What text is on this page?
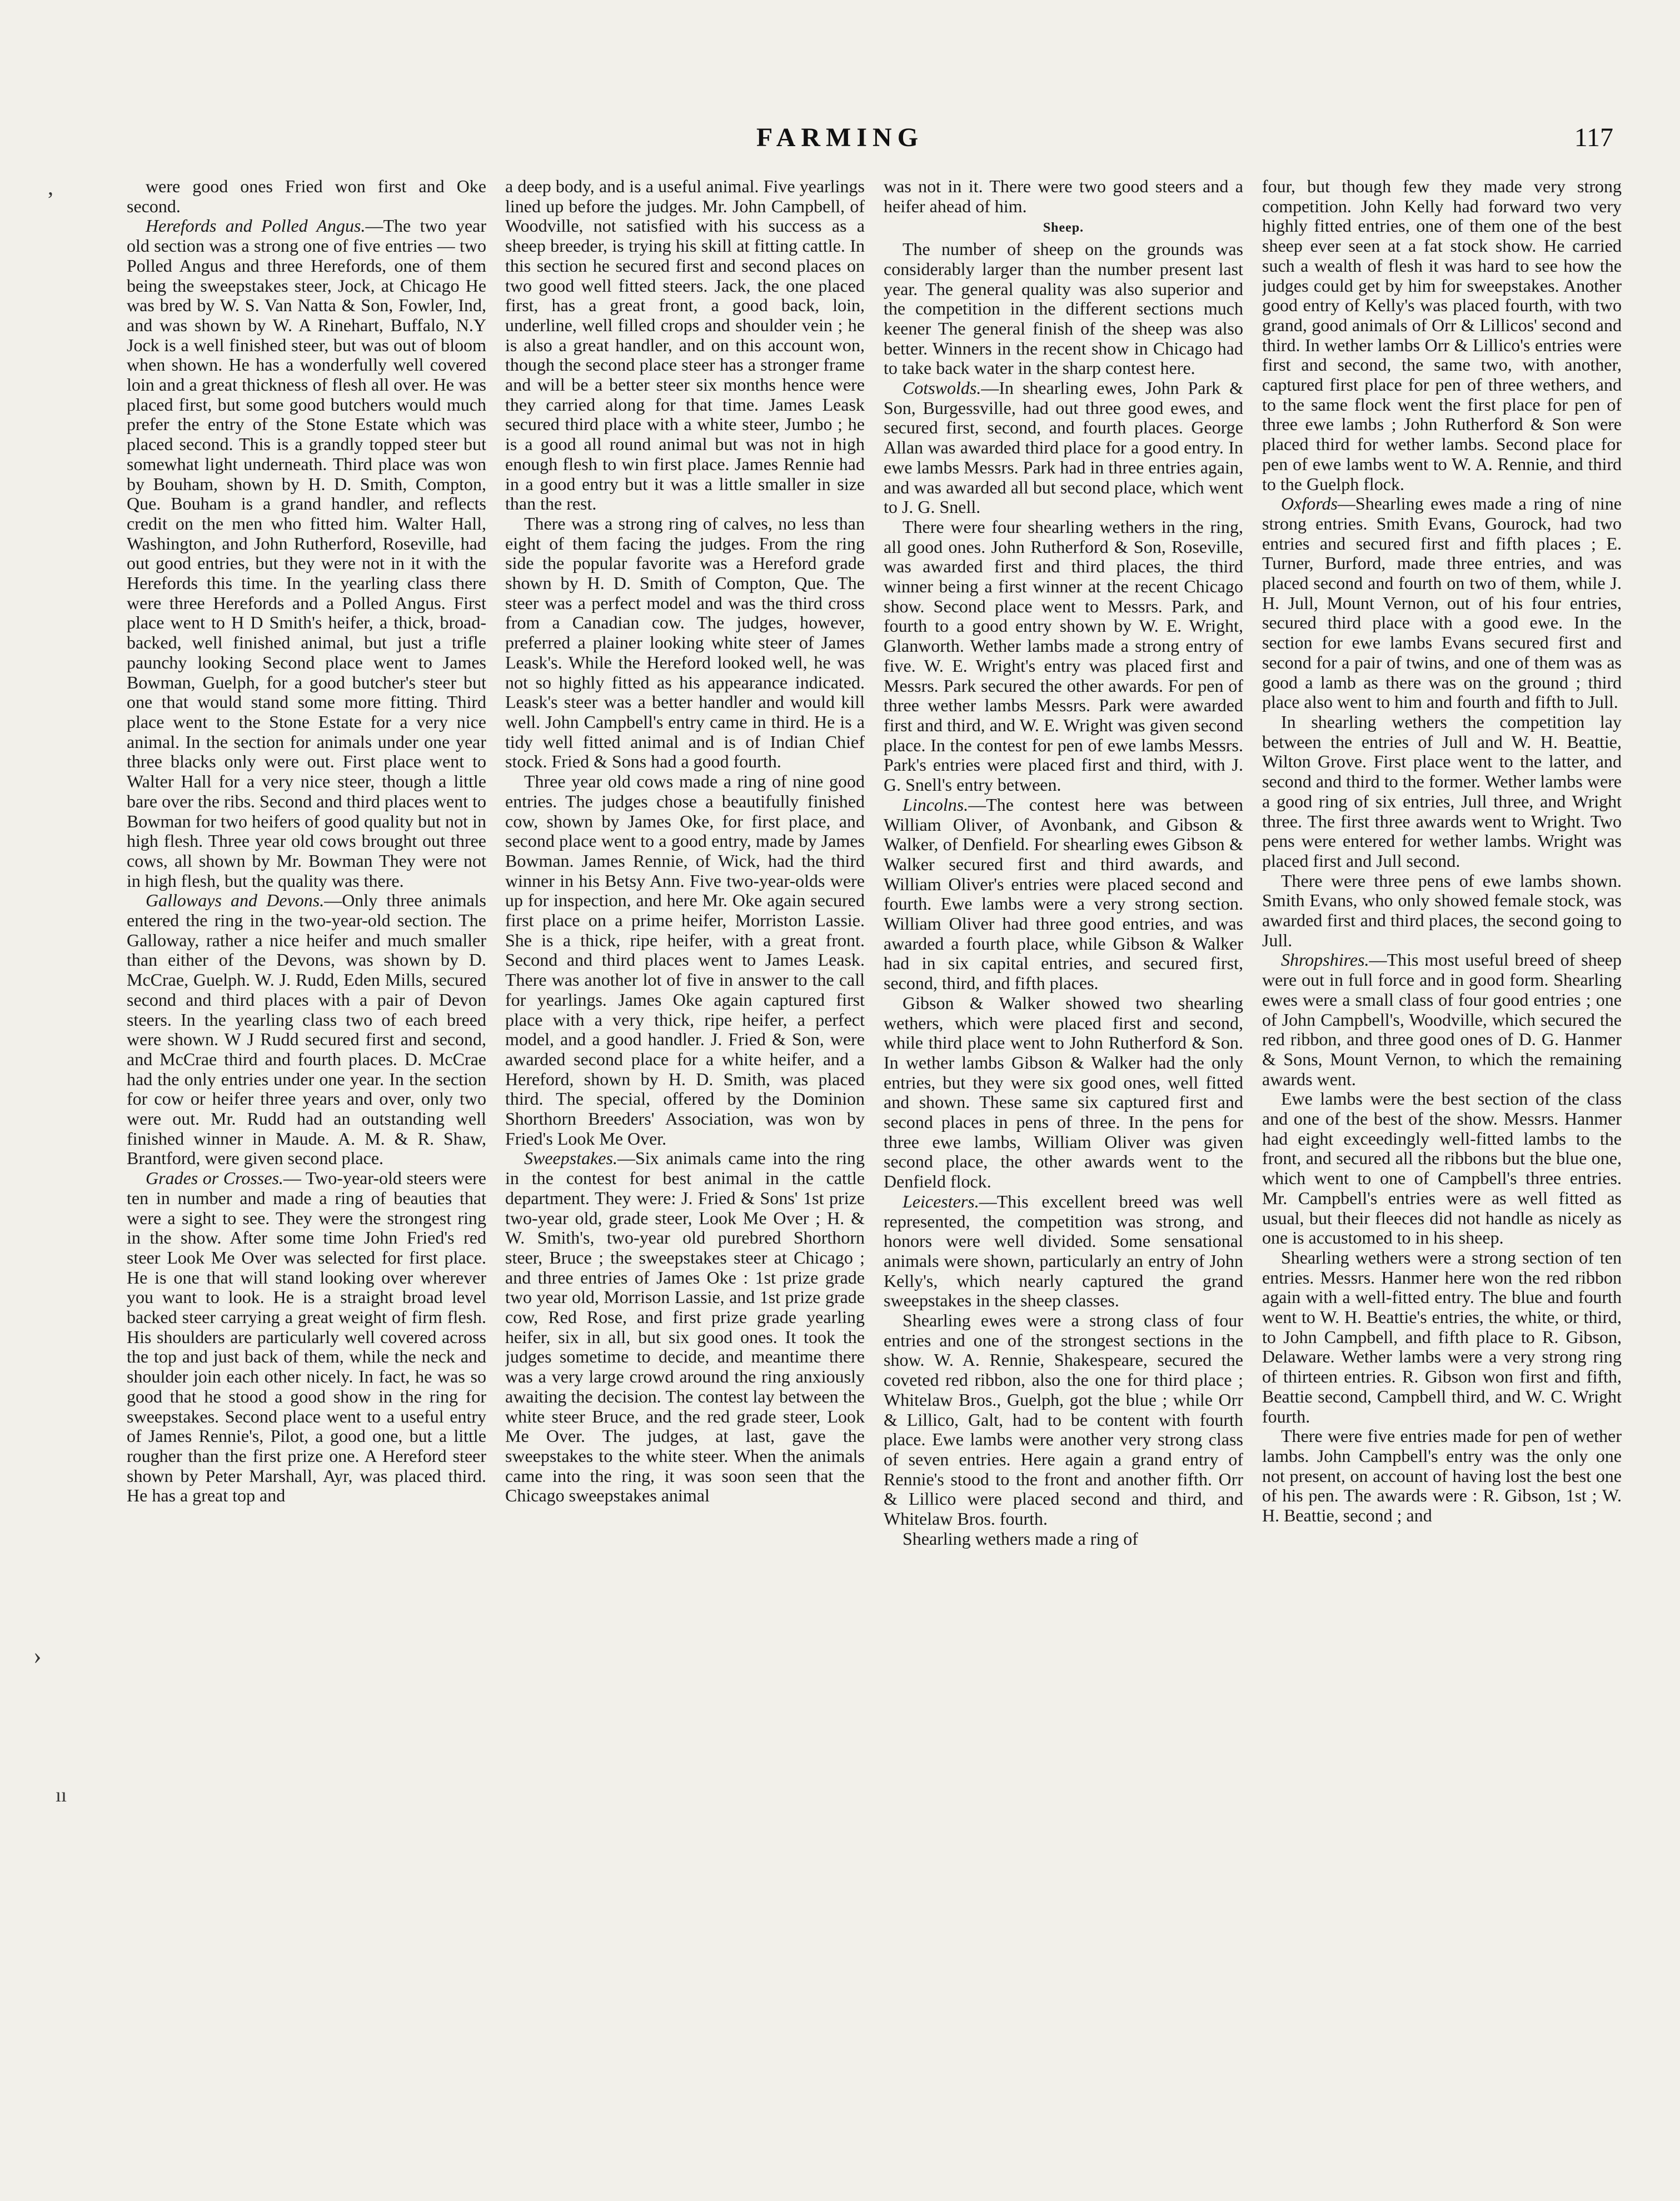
FARMING	117
ʼ
›
ıı

were good ones Fried won first and Oke second.

Herefords and Polled Angus.—The two year old section was a strong one of five entries — two Polled Angus and three Herefords, one of them being the sweepstakes steer, Jock, at Chicago He was bred by W. S. Van Natta & Son, Fowler, Ind, and was shown by W. A Rinehart, Buffalo, N.Y Jock is a well finished steer, but was out of bloom when shown. He has a wonderfully well covered loin and a great thickness of flesh all over. He was placed first, but some good butchers would much prefer the entry of the Stone Estate which was placed second. This is a grandly topped steer but somewhat light underneath. Third place was won by Bouham, shown by H. D. Smith, Compton, Que. Bouham is a grand handler, and reflects credit on the men who fitted him. Walter Hall, Washington, and John Rutherford, Roseville, had out good entries, but they were not in it with the Herefords this time. In the yearling class there were three Herefords and a Polled Angus. First place went to H D Smith's heifer, a thick, broad-backed, well finished animal, but just a trifle paunchy looking Second place went to James Bowman, Guelph, for a good butcher's steer but one that would stand some more fitting. Third place went to the Stone Estate for a very nice animal. In the section for animals under one year three blacks only were out. First place went to Walter Hall for a very nice steer, though a little bare over the ribs. Second and third places went to Bowman for two heifers of good quality but not in high flesh. Three year old cows brought out three cows, all shown by Mr. Bowman They were not in high flesh, but the quality was there.

Galloways and Devons.—Only three animals entered the ring in the two-year-old section. The Galloway, rather a nice heifer and much smaller than either of the Devons, was shown by D. McCrae, Guelph. W. J. Rudd, Eden Mills, secured second and third places with a pair of Devon steers. In the yearling class two of each breed were shown. W J Rudd secured first and second, and McCrae third and fourth places. D. McCrae had the only entries under one year. In the section for cow or heifer three years and over, only two were out. Mr. Rudd had an outstanding well finished winner in Maude. A. M. & R. Shaw, Brantford, were given second place.

Grades or Crosses.— Two-year-old steers were ten in number and made a ring of beauties that were a sight to see. They were the strongest ring in the show. After some time John Fried's red steer Look Me Over was selected for first place. He is one that will stand looking over wherever you want to look. He is a straight broad level backed steer carrying a great weight of firm flesh. His shoulders are particularly well covered across the top and just back of them, while the neck and shoulder join each other nicely. In fact, he was so good that he stood a good show in the ring for sweepstakes. Second place went to a useful entry of James Rennie's, Pilot, a good one, but a little rougher than the first prize one. A Hereford steer shown by Peter Marshall, Ayr, was placed third. He has a great top and

a deep body, and is a useful animal. Five yearlings lined up before the judges. Mr. John Campbell, of Woodville, not satisfied with his success as a sheep breeder, is trying his skill at fitting cattle. In this section he secured first and second places on two good well fitted steers. Jack, the one placed first, has a great front, a good back, loin, underline, well filled crops and shoulder vein ; he is also a great handler, and on this account won, though the second place steer has a stronger frame and will be a better steer six months hence were they carried along for that time. James Leask secured third place with a white steer, Jumbo ; he is a good all round animal but was not in high enough flesh to win first place. James Rennie had in a good entry but it was a little smaller in size than the rest.

There was a strong ring of calves, no less than eight of them facing the judges. From the ring side the popular favorite was a Hereford grade shown by H. D. Smith of Compton, Que. The steer was a perfect model and was the third cross from a Canadian cow. The judges, however, preferred a plainer looking white steer of James Leask's. While the Hereford looked well, he was not so highly fitted as his appearance indicated. Leask's steer was a better handler and would kill well. John Campbell's entry came in third. He is a tidy well fitted animal and is of Indian Chief stock. Fried & Sons had a good fourth.

Three year old cows made a ring of nine good entries. The judges chose a beautifully finished cow, shown by James Oke, for first place, and second place went to a good entry, made by James Bowman. James Rennie, of Wick, had the third winner in his Betsy Ann. Five two-year-olds were up for inspection, and here Mr. Oke again secured first place on a prime heifer, Morriston Lassie. She is a thick, ripe heifer, with a great front. Second and third places went to James Leask. There was another lot of five in answer to the call for yearlings. James Oke again captured first place with a very thick, ripe heifer, a perfect model, and a good handler. J. Fried & Son, were awarded second place for a white heifer, and a Hereford, shown by H. D. Smith, was placed third. The special, offered by the Dominion Shorthorn Breeders' Association, was won by Fried's Look Me Over.

Sweepstakes.—Six animals came into the ring in the contest for best animal in the cattle department. They were: J. Fried & Sons' 1st prize two-year old, grade steer, Look Me Over ; H. & W. Smith's, two-year old purebred Shorthorn steer, Bruce ; the sweepstakes steer at Chicago ; and three entries of James Oke : 1st prize grade two year old, Morrison Lassie, and 1st prize grade cow, Red Rose, and first prize grade yearling heifer, six in all, but six good ones. It took the judges sometime to decide, and meantime there was a very large crowd around the ring anxiously awaiting the decision. The contest lay between the white steer Bruce, and the red grade steer, Look Me Over. The judges, at last, gave the sweepstakes to the white steer. When the animals came into the ring, it was soon seen that the Chicago sweepstakes animal

was not in it. There were two good steers and a heifer ahead of him.

Sheep.

The number of sheep on the grounds was considerably larger than the number present last year. The general quality was also superior and the competition in the different sections much keener The general finish of the sheep was also better. Winners in the recent show in Chicago had to take back water in the sharp contest here.

Cotswolds.—In shearling ewes, John Park & Son, Burgessville, had out three good ewes, and secured first, second, and fourth places. George Allan was awarded third place for a good entry. In ewe lambs Messrs. Park had in three entries again, and was awarded all but second place, which went to J. G. Snell.

There were four shearling wethers in the ring, all good ones. John Rutherford & Son, Roseville, was awarded first and third places, the third winner being a first winner at the recent Chicago show. Second place went to Messrs. Park, and fourth to a good entry shown by W. E. Wright, Glanworth. Wether lambs made a strong entry of five. W. E. Wright's entry was placed first and Messrs. Park secured the other awards. For pen of three wether lambs Messrs. Park were awarded first and third, and W. E. Wright was given second place. In the contest for pen of ewe lambs Messrs. Park's entries were placed first and third, with J. G. Snell's entry between.

Lincolns.—The contest here was between William Oliver, of Avonbank, and Gibson & Walker, of Denfield. For shearling ewes Gibson & Walker secured first and third awards, and William Oliver's entries were placed second and fourth. Ewe lambs were a very strong section. William Oliver had three good entries, and was awarded a fourth place, while Gibson & Walker had in six capital entries, and secured first, second, third, and fifth places.

Gibson & Walker showed two shearling wethers, which were placed first and second, while third place went to John Rutherford & Son. In wether lambs Gibson & Walker had the only entries, but they were six good ones, well fitted and shown. These same six captured first and second places in pens of three. In the pens for three ewe lambs, William Oliver was given second place, the other awards went to the Denfield flock.

Leicesters.—This excellent breed was well represented, the competition was strong, and honors were well divided. Some sensational animals were shown, particularly an entry of John Kelly's, which nearly captured the grand sweepstakes in the sheep classes.

Shearling ewes were a strong class of four entries and one of the strongest sections in the show. W. A. Rennie, Shakespeare, secured the coveted red ribbon, also the one for third place ; Whitelaw Bros., Guelph, got the blue ; while Orr & Lillico, Galt, had to be content with fourth place. Ewe lambs were another very strong class of seven entries. Here again a grand entry of Rennie's stood to the front and another fifth. Orr & Lillico were placed second and third, and Whitelaw Bros. fourth.

Shearling wethers made a ring of

four, but though few they made very strong competition. John Kelly had forward two very highly fitted entries, one of them one of the best sheep ever seen at a fat stock show. He carried such a wealth of flesh it was hard to see how the judges could get by him for sweepstakes. Another good entry of Kelly's was placed fourth, with two grand, good animals of Orr & Lillicos' second and third. In wether lambs Orr & Lillico's entries were first and second, the same two, with another, captured first place for pen of three wethers, and to the same flock went the first place for pen of three ewe lambs ; John Rutherford & Son were placed third for wether lambs. Second place for pen of ewe lambs went to W. A. Rennie, and third to the Guelph flock.

Oxfords—Shearling ewes made a ring of nine strong entries. Smith Evans, Gourock, had two entries and secured first and fifth places ; E. Turner, Burford, made three entries, and was placed second and fourth on two of them, while J. H. Jull, Mount Vernon, out of his four entries, secured third place with a good ewe. In the section for ewe lambs Evans secured first and second for a pair of twins, and one of them was as good a lamb as there was on the ground ; third place also went to him and fourth and fifth to Jull.

In shearling wethers the competition lay between the entries of Jull and W. H. Beattie, Wilton Grove. First place went to the latter, and second and third to the former. Wether lambs were a good ring of six entries, Jull three, and Wright three. The first three awards went to Wright. Two pens were entered for wether lambs. Wright was placed first and Jull second.

There were three pens of ewe lambs shown. Smith Evans, who only showed female stock, was awarded first and third places, the second going to Jull.

Shropshires.—This most useful breed of sheep were out in full force and in good form. Shearling ewes were a small class of four good entries ; one of John Campbell's, Woodville, which secured the red ribbon, and three good ones of D. G. Hanmer & Sons, Mount Vernon, to which the remaining awards went.

Ewe lambs were the best section of the class and one of the best of the show. Messrs. Hanmer had eight exceedingly well-fitted lambs to the front, and secured all the ribbons but the blue one, which went to one of Campbell's three entries. Mr. Campbell's entries were as well fitted as usual, but their fleeces did not handle as nicely as one is accustomed to in his sheep.

Shearling wethers were a strong section of ten entries. Messrs. Hanmer here won the red ribbon again with a well-fitted entry. The blue and fourth went to W. H. Beattie's entries, the white, or third, to John Campbell, and fifth place to R. Gibson, Delaware. Wether lambs were a very strong ring of thirteen entries. R. Gibson won first and fifth, Beattie second, Campbell third, and W. C. Wright fourth.

There were five entries made for pen of wether lambs. John Campbell's entry was the only one not present, on account of having lost the best one of his pen. The awards were : R. Gibson, 1st ; W. H. Beattie, second ; and
